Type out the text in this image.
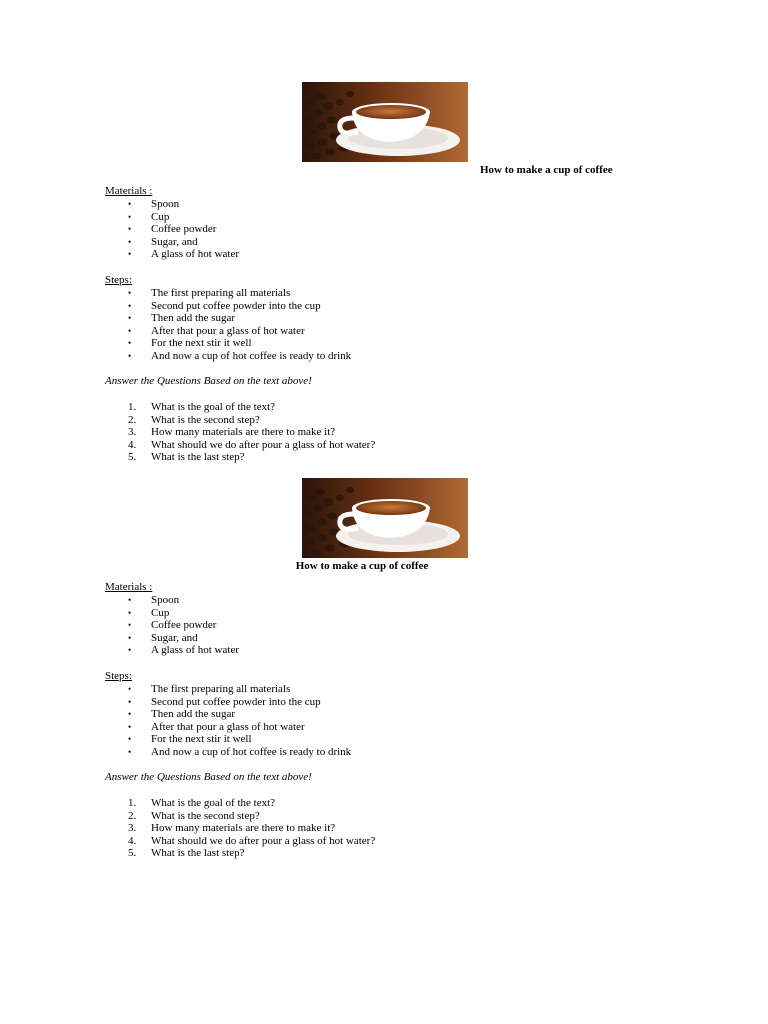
How to make a cup of coffee
Materials :
• Spoon
• Cup
• Coffee powder
• Sugar, and
• A glass of hot water
Steps:
• The first preparing all materials
• Second put coffee powder into the cup
• Then add the sugar
• After that pour a glass of hot water
• For the next stir it well
• And now a cup of hot coffee is ready to drink
Answer the Questions Based on the text above!
1.	What is the goal of the text?
2.	What is the second step?
3.	How many materials are there to make it?
4.	What should we do after pour a glass of hot water?
5.	What is the last step?
How to make a cup of coffee
Materials :
• Spoon
• Cup
• Coffee powder
• Sugar, and
• A glass of hot water
Steps:
• The first preparing all materials
• Second put coffee powder into the cup
• Then add the sugar
• After that pour a glass of hot water
• For the next stir it well
• And now a cup of hot coffee is ready to drink
Answer the Questions Based on the text above!
1.	What is the goal of the text?
2.	What is the second step?
3.	How many materials are there to make it?
4.	What should we do after pour a glass of hot water?
5.	What is the last step?
